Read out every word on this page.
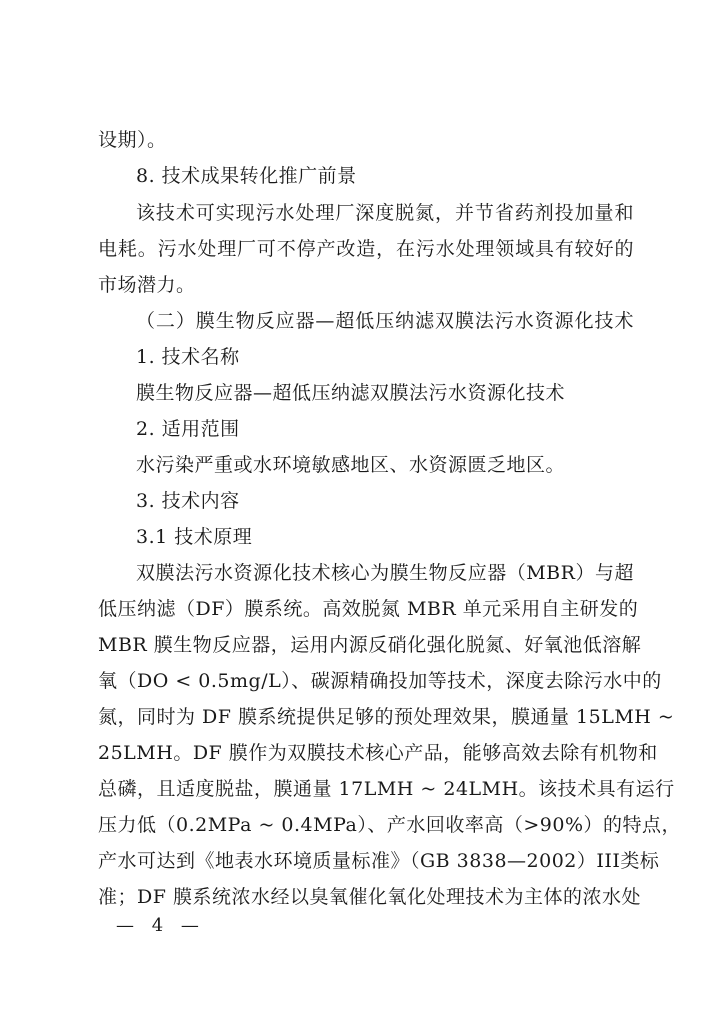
设期）。
8. 技术成果转化推广前景
该技术可实现污水处理厂深度脱氮，并节省药剂投加量和
电耗。污水处理厂可不停产改造，在污水处理领域具有较好的
市场潜力。
（二）膜生物反应器—超低压纳滤双膜法污水资源化技术
1. 技术名称
膜生物反应器—超低压纳滤双膜法污水资源化技术
2. 适用范围
水污染严重或水环境敏感地区、水资源匮乏地区。
3. 技术内容
3.1 技术原理
双膜法污水资源化技术核心为膜生物反应器（MBR）与超
低压纳滤（DF）膜系统。高效脱氮 MBR 单元采用自主研发的
MBR 膜生物反应器，运用内源反硝化强化脱氮、好氧池低溶解
氧（DO < 0.5mg/L）、碳源精确投加等技术，深度去除污水中的
氮，同时为 DF 膜系统提供足够的预处理效果，膜通量 15LMH ~
25LMH。DF 膜作为双膜技术核心产品，能够高效去除有机物和
总磷，且适度脱盐，膜通量 17LMH ~ 24LMH。该技术具有运行
压力低（0.2MPa ~ 0.4MPa）、产水回收率高（>90%）的特点，
产水可达到《地表水环境质量标准》（GB 3838—2002）III类标
准；DF 膜系统浓水经以臭氧催化氧化处理技术为主体的浓水处
— 4 —
